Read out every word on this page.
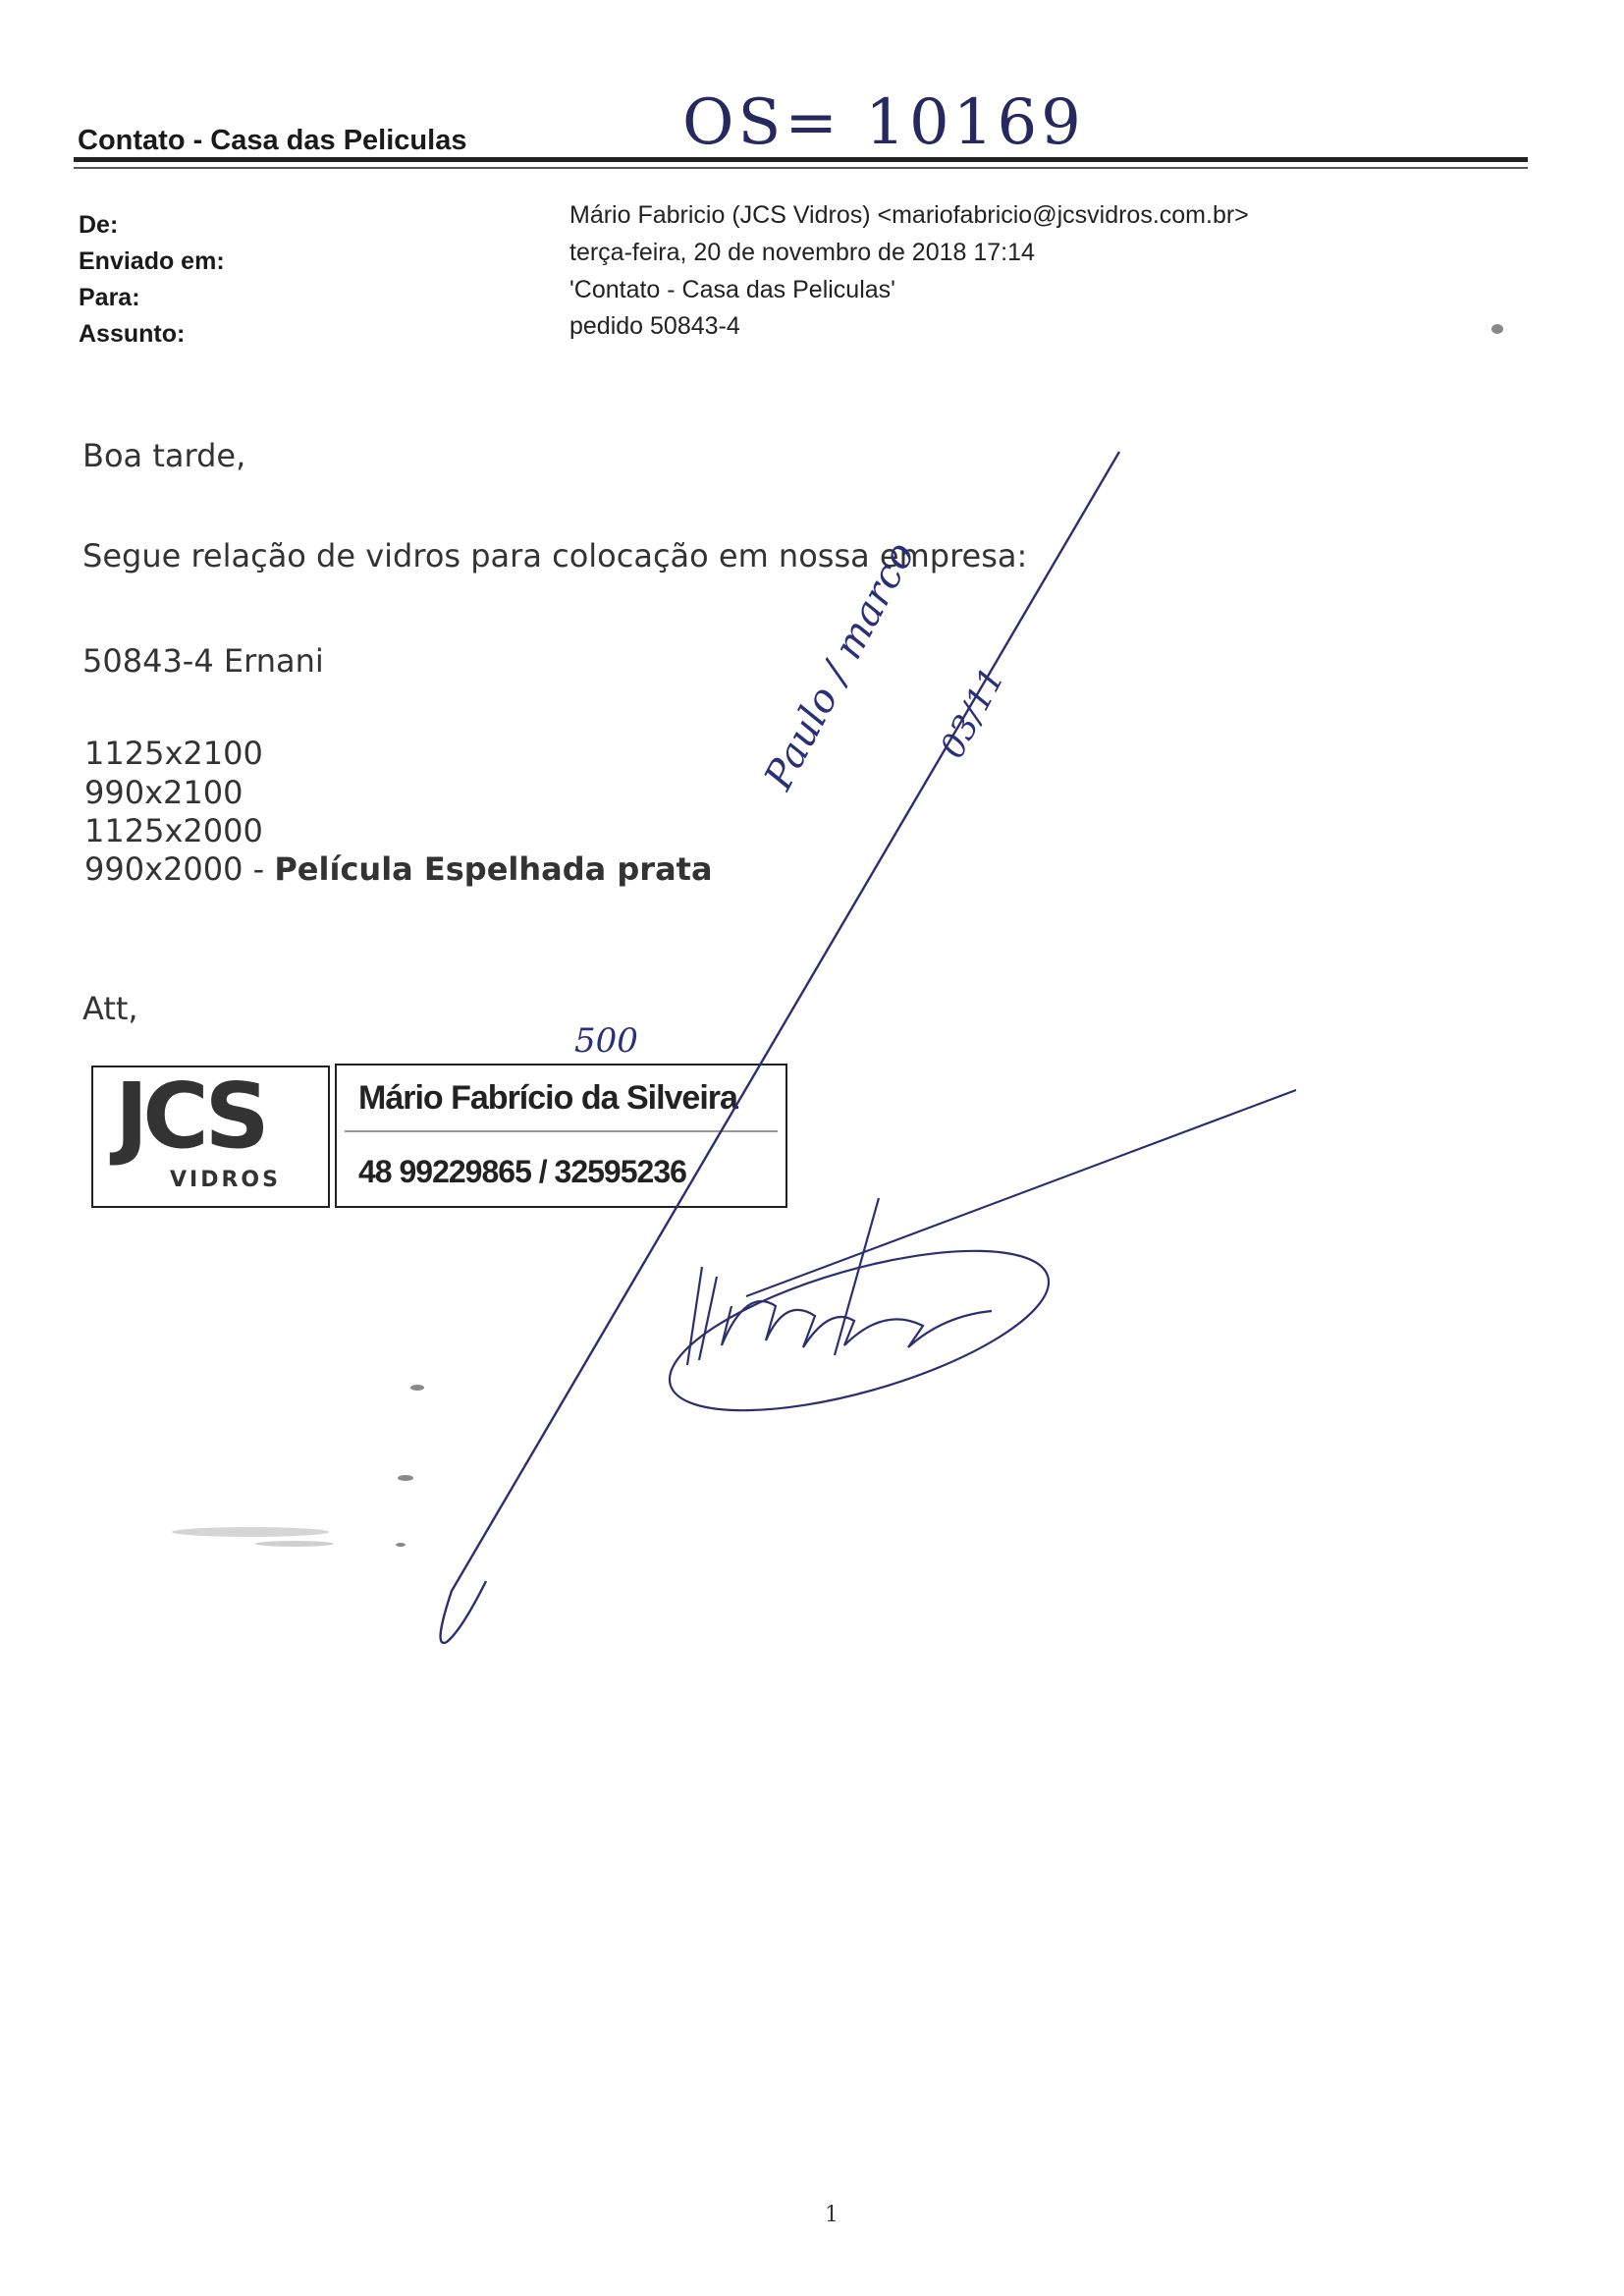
Contato - Casa das Peliculas	OS= 10169
De:	Mário Fabricio (JCS Vidros) <mariofabricio@jcsvidros.com.br>
Enviado em:	terça-feira, 20 de novembro de 2018 17:14
Para:	'Contato - Casa das Peliculas'
Assunto:	pedido 50843-4
Boa tarde,
Segue relação de vidros para colocação em nossa empresa:
50843-4 Ernani
1125x2100
990x2100
1125x2000
990x2000 - Película Espelhada prata
Att,
500
JCS
VIDROS
Mário Fabrício da Silveira
48 99229865 / 32595236
Paulo / marco 03/11
1
